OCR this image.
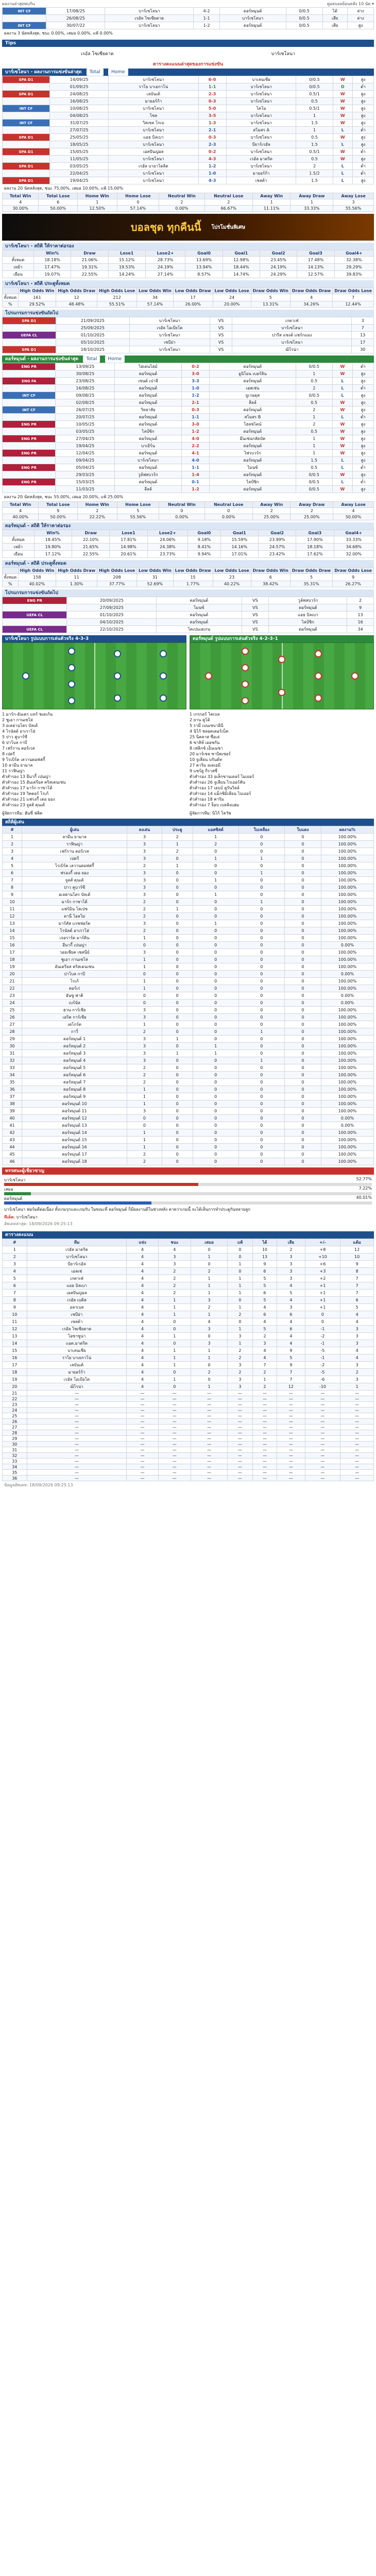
ผลงานล่าสุดพบกัน	ดูผลบอลย้อนหลัง 10 นัด ▾
INT CF	17/08/25	บาร์เซโลนา	4-2	ดอร์ทมุนด์	0/0.5	ได้	ล่าง
INT CF	26/08/25	เรอัล โซเซียดาด	1-1	บาร์เซโลนา	0/0.5	เสีย	ล่าง
INT CF	30/07/22	บาร์เซโลนา	1-2	ดอร์ทมุนด์	0/0.5	เสีย	สูง
ผลงาน 3 นัดหลังสุด, ชนะ 0.00%, เสมอ 0.00%, แพ้ 0.00%
Tips
เรอัล โซเซียดาด	บาร์เซโลนา
ตารางคะแนนล่าสุดของการแข่งขัน
บาร์เซโลนา - ผลงานการแข่งขันล่าสุด Total Home
SPA D1	14/09/25	บาร์เซโลนา	6-0	บาเลนเซีย	0/0.5	W	สูง
SPA D1	01/09/25	ราโย บาเยกาโน่	1-1	บาร์เซโลนา	0/0.5	D	ต่ำ
SPA D1	24/08/25	เลบันเต้	2-3	บาร์เซโลนา	0.5/1	W	สูง
SPA D1	16/08/25	มายอร์ก้า	0-3	บาร์เซโลนา	0.5	W	สูง
INT CF	10/08/25	บาร์เซโลนา	5-0	โคโม	0.5/1	W	สูง
INT CF	04/08/25	โซล	3-5	บาร์เซโลนา	1	W	สูง
INT CF	31/07/25	วิสเซล โกเบ	1-3	บาร์เซโลนา	1.5	W	สูง
INT CF	27/07/25	บาร์เซโลนา	2-1	สโมสร A	1	L	ต่ำ
SPA D1	25/05/25	แอธ บิลเบา	0-3	บาร์เซโลนา	0.5	W	สูง
SPA D1	18/05/25	บาร์เซโลนา	2-3	บียาร์เรอัล	1.5	L	สูง
SPA D1	15/05/25	เอสปันญ่อล	0-2	บาร์เซโลนา	0.5/1	W	ต่ำ
SPA D1	11/05/25	บาร์เซโลนา	4-3	เรอัล มาดริด	0.5	W	สูง
SPA D1	03/05/25	เรอัล บายาโดลิด	1-2	บาร์เซโลนา	2	L	ต่ำ
SPA D1	22/04/25	บาร์เซโลนา	1-0	มายอร์ก้า	1.5/2	L	ต่ำ
SPA D1	19/04/25	บาร์เซโลนา	4-3	เซลต้า	1.5	L	สูง
ผลงาน 20 นัดหลังสุด, ชนะ 75.00%, เสมอ 10.00%, แพ้ 15.00%
Total Win	Total Lose	Home Win	Home Lose	Neutral Win	Neutral Lose	Away Win	Away Draw	Away Lose
4	6	1	0	2	2	1	1	3
30.00%	50.00%	12.50%	57.14%	0.00%	66.67%	11.11%	33.33%	55.56%
บอลชุด ทุกคืนนี้ โปรโมชั่นพิเศษ
บาร์เซโลนา - สถิติ ให้ราคาต่อรอง
	Win%	Draw	Lose1	Lose2+	Goal0	Goal1	Goal2	Goal3	Goal4+
ทั้งหมด	18.18%	21.06%	15.12%	28.73%	13.69%	12.98%	23.45%	17.48%	32.38%
เหย้า	17.47%	19.31%	19.53%	24.19%	13.94%	18.44%	24.19%	14.13%	29.29%
เยือน	19.07%	22.55%	14.24%	27.14%	8.57%	14.74%	24.29%	12.57%	39.83%
บาร์เซโลนา - สถิติ ประตูทั้งหมด
	High Odds Win	High Odds Draw	High Odds Lose	Low Odds Win	Low Odds Draw	Low Odds Lose	Draw Odds Win	Draw Odds Draw	Draw Odds Lose
ทั้งหมด	161	12	212	34	17	24	5	4	7
%	29.52%	48.48%	55.51%	57.14%	26.00%	20.00%	13.31%	34.26%	12.44%
โปรแกรมการแข่งขันถัดไป
SPA D1	21/09/2025	บาร์เซโลนา	VS	เกตาเฟ่	3
SPA D1	25/09/2025	เรอัล โอเบียโด	VS	บาร์เซโลนา	7
UEFA CL	01/10/2025	บาร์เซโลนา	VS	ปารีส แซงต์ แชร์กแมง	13
SPA D1	05/10/2025	เซบีย่า	VS	บาร์เซโลนา	17
SPA D1	18/10/2025	บาร์เซโลนา	VS	ฌิโรน่า	30
ดอร์ทมุนด์ - ผลงานการแข่งขันล่าสุด Total Home
ENG PR	13/09/25	ไฮเดนไฮม์	0-2	ดอร์ทมุนด์	0/0.5	W	ต่ำ
ENG PR	30/08/25	ดอร์ทมุนด์	3-0	อูนิโอน เบอร์ลิน	1	W	สูง
ENG FA	23/08/25	เซนต์ เปาลี	3-3	ดอร์ทมุนด์	0.5	L	สูง
ENG PR	16/08/25	ดอร์ทมุนด์	1-0	เอสเซ่น	2	L	ต่ำ
INT CF	09/08/25	ดอร์ทมุนด์	1-2	ยูเวนตุส	0/0.5	L	สูง
INT CF	02/08/25	ดอร์ทมุนด์	2-1	ลีลล์	0.5	W	สูง
INT CF	26/07/25	วิทยาลัย	0-3	ดอร์ทมุนด์	2	W	สูง
INT CF	20/07/25	ดอร์ทมุนด์	1-1	สโมสร B	1	L	ต่ำ
ENG PR	10/05/25	ดอร์ทมุนด์	3-0	โฮลชไตน์	2	W	สูง
ENG PR	03/05/25	ไลป์ซิก	1-2	ดอร์ทมุนด์	0.5	W	สูง
ENG PR	27/04/25	ดอร์ทมุนด์	4-0	มึนเช่นกลัดบัค	1	W	สูง
ENG PR	19/04/25	บาเยิร์น	2-2	ดอร์ทมุนด์	1	W	สูง
ENG PR	12/04/25	ดอร์ทมุนด์	4-1	ไฟรบวร์ก	1	W	สูง
UEFA CL	09/04/25	บาร์เซโลนา	4-0	ดอร์ทมุนด์	1.5	L	สูง
ENG PR	05/04/25	ดอร์ทมุนด์	1-1	ไมนซ์	0.5	L	ต่ำ
ENG PR	29/03/25	วูล์ฟสบวร์ก	1-4	ดอร์ทมุนด์	0/0.5	W	สูง
ENG PR	15/03/25	ดอร์ทมุนด์	0-1	ไลป์ซิก	0/0.5	L	ต่ำ
UEFA CL	11/03/25	ลีลล์	1-2	ดอร์ทมุนด์	0/0.5	W	สูง
ผลงาน 20 นัดหลังสุด, ชนะ 55.00%, เสมอ 20.00%, แพ้ 25.00%
Total Win	Total Lose	Home Win	Home Lose	Neutral Win	Neutral Lose	Away Win	Away Draw	Away Lose
4	9	2	5	0	0	2	2	4
40.00%	50.00%	22.22%	55.56%	0.00%	0.00%	25.00%	25.00%	50.00%
ดอร์ทมุนด์ - สถิติ ให้ราคาต่อรอง
	Win%	Draw	Lose1	Lose2+	Goal0	Goal1	Goal2	Goal3	Goal4+
ทั้งหมด	18.45%	22.10%	17.81%	24.06%	9.18%	15.59%	23.99%	17.90%	33.33%
เหย้า	19.80%	21.65%	14.98%	24.38%	8.41%	14.16%	24.57%	18.18%	34.68%
เยือน	17.12%	22.55%	20.61%	23.73%	9.94%	17.01%	23.42%	17.62%	32.00%
ดอร์ทมุนด์ - สถิติ ประตูทั้งหมด
	High Odds Win	High Odds Draw	High Odds Lose	Low Odds Win	Low Odds Draw	Low Odds Lose	Draw Odds Win	Draw Odds Draw	Draw Odds Lose
ทั้งหมด	158	11	208	31	15	23	6	5	9
%	40.02%	1.30%	37.77%	52.69%	1.77%	40.22%	38.42%	35.31%	26.27%
โปรแกรมการแข่งขันถัดไป
ENG PR	20/09/2025	ดอร์ทมุนด์	VS	วูล์ฟสบวร์ก	2
ENG PR	27/09/2025	ไมนซ์	VS	ดอร์ทมุนด์	9
UEFA CL	01/10/2025	ดอร์ทมุนด์	VS	แอธ บิลเบา	13
ENG PR	04/10/2025	ดอร์ทมุนด์	VS	ไลป์ซิก	16
UEFA CL	22/10/2025	โคเปนเฮเกน	VS	ดอร์ทมุนด์	34
บาร์เซโลนา รูปแบบการเล่นตัวจริง 4-3-3	ดอร์ทมุนด์ รูปแบบการเล่นตัวจริง 4-2-3-1
1 มาร์ก-อันเดร แทร์ ชเตเก้น
2 ชูเอา กานเซโล่
3 อเลฮานโดร บัลเด้
4 โรนัลด์ อาเราโฮ่
5 ปาว คูบาร์ซี
6 ปาโบล กาบี
7 เฟร์ราน ตอร์เรส
8 เปดรี
9 โรเบิร์ต เลวานดอฟสกี้
10 ลามีน ยามาล
11 ราฟินญ่า
ตัวสำรอง 13 อีนากี้ เปนญ่า
ตัวสำรอง 15 อันเดรียส คริสเตนเซ่น
ตัวสำรอง 17 มาร์ก กาซาโด้
ตัวสำรอง 19 วิคตอร์ โรเก้
ตัวสำรอง 21 แฟรงกี้ เดอ ยอง
ตัวสำรอง 23 จูลส์ คุนเด้
1 เกรกอร์ โคเบล
2 ยาน คูโต้
5 รามี่ เบนเซบาอินี
4 นิโก้ ชลอตเตอร์เบ็ค
25 นิคลาส ซือเล่
6 ซาลิห์ เออซกัน
8 เฟลิกซ์ เอ็นเมชา
20 มาร์เซล ซาบิตเซอร์
10 จูเลียน บรันด์ท
27 คาริม อเดเยมี
9 แซร์ฮู กีราสซี่
ตัวสำรอง 33 อเล็กซานเดอร์ ไมเยอร์
ตัวสำรอง 26 จูเลียน ไรเออร์สัน
ตัวสำรอง 17 เยบบ์ ดูรันวิลล์
ตัวสำรอง 14 แม็กซิมิเลียน ไบเออร์
ตัวสำรอง 18 คาริม
ตัวสำรอง 7 จ็อบ เบลลิงแฮม
ผู้จัดการทีม: ฮันซี่ ฟลิค	ผู้จัดการทีม: นิโก้ โควัช
สถิติผู้เล่น
#	ผู้เล่น	ลงเล่น	ประตู	แอสซิสต์	ใบเหลือง	ใบแดง	ผลงาน%
1	ลามีน ยามาล	3	2	1	0	0	100.00%
2	ราฟินญ่า	3	1	2	0	0	100.00%
3	เฟร์ราน ตอร์เรส	3	2	0	0	0	100.00%
4	เปดรี	3	0	1	1	0	100.00%
5	โรเบิร์ต เลวานดอฟสกี้	2	1	0	0	0	100.00%
6	ฟรองกี้ เดอ ยอง	3	0	0	1	0	100.00%
7	จูลส์ คุนเด้	3	0	1	0	0	100.00%
8	ปาว คูบาร์ซี	3	0	0	0	0	100.00%
9	อเลฮานโดร บัลเด้	3	0	1	0	0	100.00%
10	มาร์ก กาซาโด้	2	0	0	1	0	100.00%
11	แฟร์มิน โลเปซ	2	1	0	0	0	100.00%
12	ดานี่ โอลโม่	2	0	0	0	0	100.00%
13	มาร์คัส แรชฟอร์ด	3	0	1	0	0	100.00%
14	โรนัลด์ อาเราโฮ่	2	0	0	0	0	100.00%
15	เจอราร์ด มาร์ติน	1	0	0	0	0	100.00%
16	อีนากี้ เปนญ่า	0	0	0	0	0	0.00%
17	วอยเชียค เชสนีย์	3	0	0	0	0	100.00%
18	ชูเอา กานเซโล่	1	0	0	0	0	100.00%
19	อันเดรียส คริสเตนเซ่น	1	0	0	0	0	100.00%
20	ปาโบล กาบี	0	0	0	0	0	0.00%
21	โรเก้	1	0	0	0	0	100.00%
22	ตอร์เร่	1	0	0	0	0	100.00%
23	อันซู ฟาติ	0	0	0	0	0	0.00%
24	เบร์นัล	0	0	0	0	0	0.00%
25	ฮวน การ์เซีย	3	0	0	0	0	100.00%
26	เอริค การ์เซีย	3	0	0	0	0	100.00%
27	เดโกร์ต	1	0	0	0	0	100.00%
28	กาวี่	2	0	0	1	0	100.00%
29	ดอร์ทมุนด์ 1	3	1	0	0	0	100.00%
30	ดอร์ทมุนด์ 2	3	0	1	0	0	100.00%
31	ดอร์ทมุนด์ 3	3	1	1	0	0	100.00%
32	ดอร์ทมุนด์ 4	3	0	0	1	0	100.00%
33	ดอร์ทมุนด์ 5	2	0	0	0	0	100.00%
34	ดอร์ทมุนด์ 6	2	0	0	0	0	100.00%
35	ดอร์ทมุนด์ 7	2	0	0	0	0	100.00%
36	ดอร์ทมุนด์ 8	1	0	0	0	0	100.00%
37	ดอร์ทมุนด์ 9	1	0	0	0	0	100.00%
38	ดอร์ทมุนด์ 10	1	0	0	0	0	100.00%
39	ดอร์ทมุนด์ 11	3	0	0	0	0	100.00%
40	ดอร์ทมุนด์ 12	0	0	0	0	0	0.00%
41	ดอร์ทมุนด์ 13	0	0	0	0	0	0.00%
42	ดอร์ทมุนด์ 14	1	0	0	0	0	100.00%
43	ดอร์ทมุนด์ 15	1	0	0	0	0	100.00%
44	ดอร์ทมุนด์ 16	1	0	0	0	0	100.00%
45	ดอร์ทมุนด์ 17	2	0	0	0	0	100.00%
46	ดอร์ทมุนด์ 18	2	0	0	0	0	100.00%
ทรรศนะผู้เชี่ยวชาญ
บาร์เซโลนา	52.77%
เสมอ	7.22%
ดอร์ทมุนด์	40.01%
บาร์เซโลนา ฟอร์มดีต่อเนื่อง ทั้งเกมรุกและเกมรับ ในขณะที่ ดอร์ทมุนด์ ก็มีผลงานดีในช่วงหลัง คาดว่าเกมนี้ จะได้เห็นการทำประตูกันหลายลูก
ทีเด็ด: บาร์เซโลนา
อัพเดทล่าสุด: 18/09/2026 09:25:13
ตารางคะแนน
#	ทีม	แข่ง	ชนะ	เสมอ	แพ้	ได้	เสีย	+/-	แต้ม
1	เรอัล มาดริด	4	4	0	0	10	2	+8	12
2	บาร์เซโลนา	4	3	1	0	13	3	+10	10
3	บียาร์เรอัล	4	3	0	1	9	3	+6	9
4	เอลเช่	4	2	2	0	6	3	+3	8
5	เกตาเฟ่	4	2	1	1	5	3	+2	7
6	แอธ บิลเบา	4	2	1	1	5	4	+1	7
7	เอสปันญ่อล	4	2	1	1	6	5	+1	7
8	เรอัล เบติส	4	1	3	0	5	4	+1	6
9	อลาเบส	4	1	2	1	4	3	+1	5
10	เซบีย่า	4	1	1	2	6	6	0	4
11	เซลต้า	4	0	4	0	4	4	0	4
12	เรอัล โซเซียดาด	4	0	3	1	5	6	-1	3
13	โอซาซูน่า	4	1	0	3	2	4	-2	3
14	แอต.มาดริด	4	0	3	1	3	4	-1	3
15	บาเลนเซีย	4	1	1	2	4	9	-5	4
16	ราโย บาเยกาโน่	4	1	1	2	4	5	-1	4
17	เลบันเต้	4	1	0	3	7	9	-2	3
18	มายอร์ก้า	4	0	2	2	2	7	-5	2
19	เรอัล โอเบียโด	4	1	0	3	1	7	-6	3
20	ฌิโรน่า	4	0	1	3	2	12	-10	1
21	—	—	—	—	—	—	—	—	—
22	—	—	—	—	—	—	—	—	—
23	—	—	—	—	—	—	—	—	—
24	—	—	—	—	—	—	—	—	—
25	—	—	—	—	—	—	—	—	—
26	—	—	—	—	—	—	—	—	—
27	—	—	—	—	—	—	—	—	—
28	—	—	—	—	—	—	—	—	—
29	—	—	—	—	—	—	—	—	—
30	—	—	—	—	—	—	—	—	—
31	—	—	—	—	—	—	—	—	—
32	—	—	—	—	—	—	—	—	—
33	—	—	—	—	—	—	—	—	—
34	—	—	—	—	—	—	—	—	—
35	—	—	—	—	—	—	—	—	—
36	—	—	—	—	—	—	—	—	—
ข้อมูลอัพเดท: 18/09/2026 09:25:13
